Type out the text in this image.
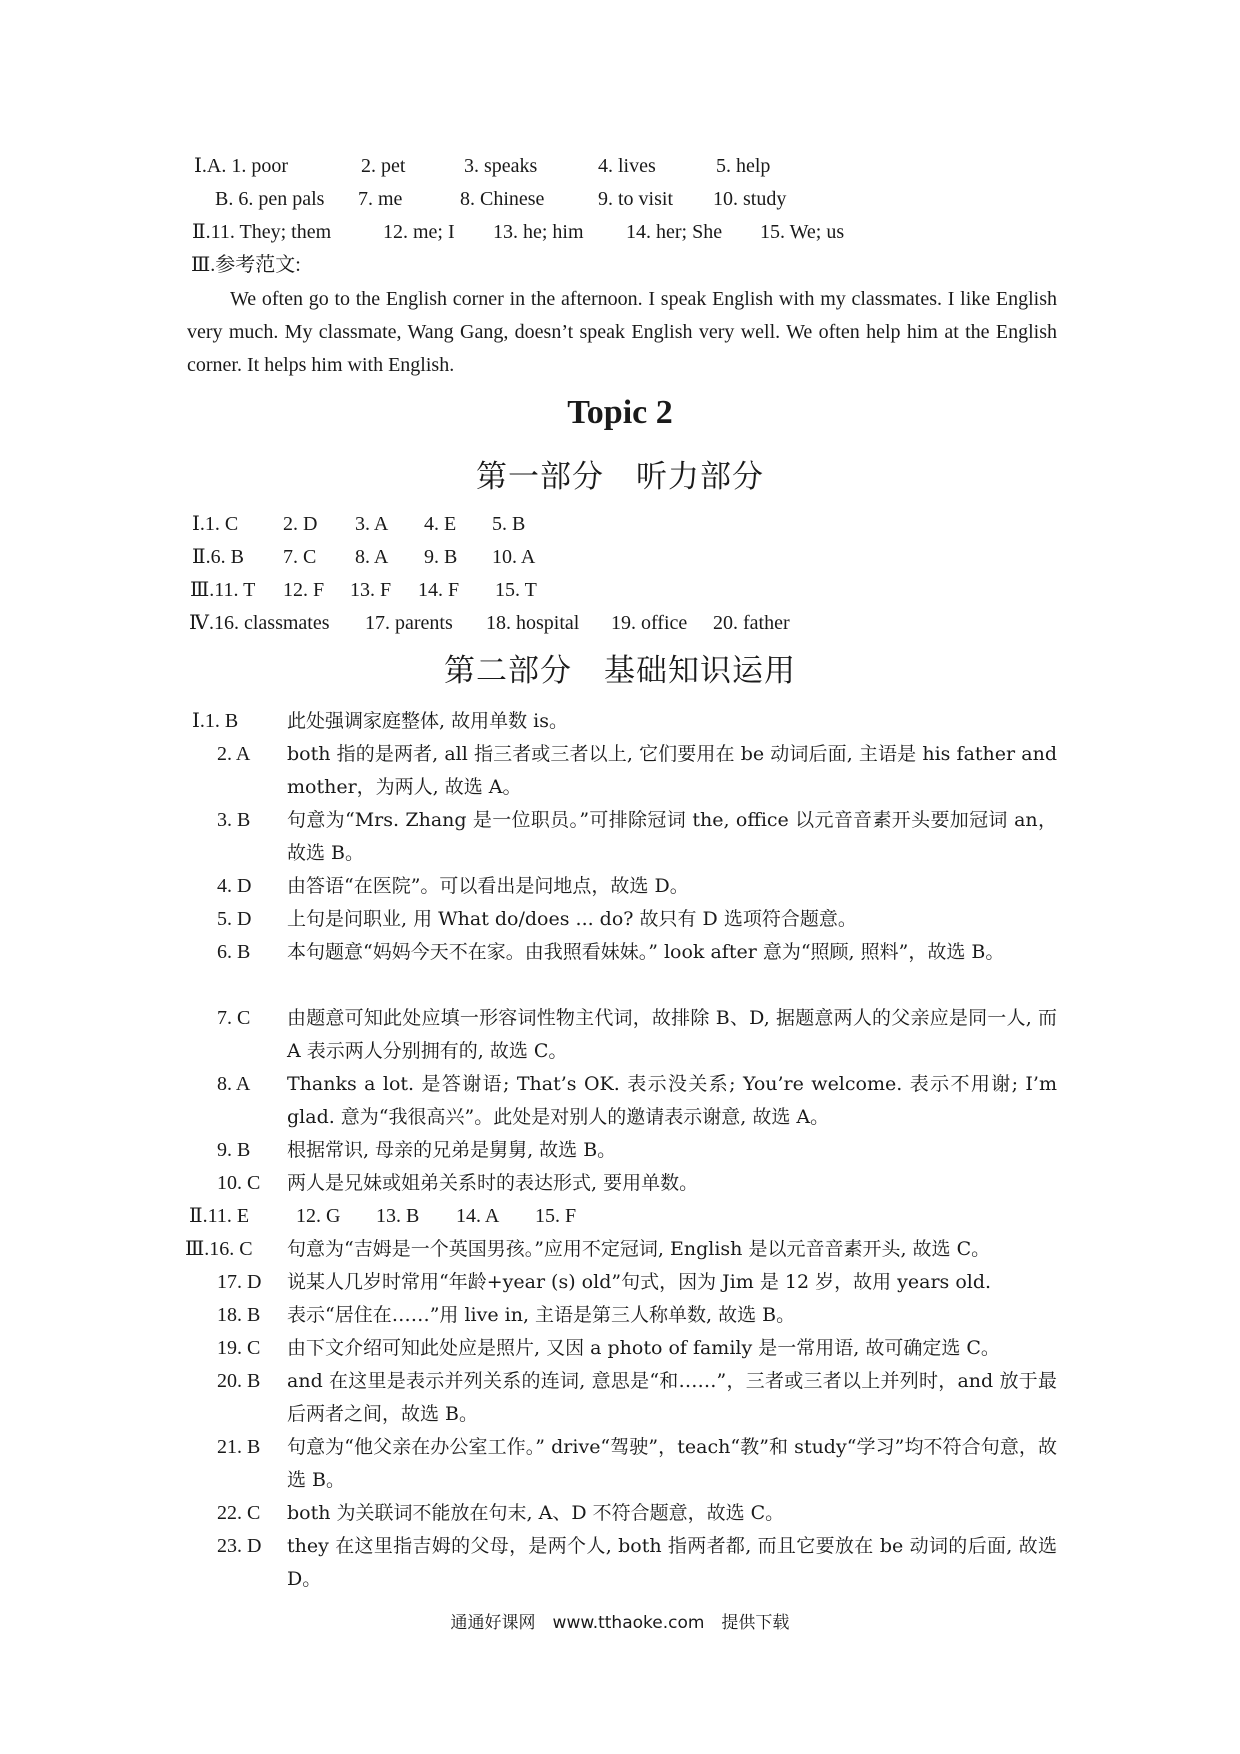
Ⅰ.A. 1. poor	2. pet	3. speaks	4. lives	5. help
B. 6. pen pals 7. me	8. Chinese	9. to visit 10. study
Ⅱ.11. They; them	12. me; I 13. he; him 14. her; She 15. We; us
Ⅲ.参考范文:

We often go to the English corner in the afternoon. I speak English with my classmates. I like English very much. My classmate, Wang Gang, doesn’t speak English very well. We often help him at the English corner. It helps him with English.

Topic 2
第一部分　听力部分
Ⅰ.1. C 2. D 3. A 4. E 5. B
Ⅱ.6. B 7. C 8. A 9. B 10. A
Ⅲ.11. T 12. F 13. F 14. F 15. T
Ⅳ.16. classmates 17. parents 18. hospital 19. office 20. father
第二部分　基础知识运用
Ⅰ.1. B	此处强调家庭整体, 故用单数 is。
2. A both 指的是两者, all 指三者或三者以上, 它们要用在 be 动词后面, 主语是 his father and mother，为两人, 故选 A。
3. B 句意为“Mrs. Zhang 是一位职员。”可排除冠词 the, office 以元音音素开头要加冠词 an，故选 B。
4. D 由答语“在医院”。可以看出是问地点，故选 D。
5. D 上句是问职业, 用 What do/does ... do? 故只有 D 选项符合题意。
6. B 本句题意“妈妈今天不在家。由我照看妹妹。” look after 意为“照顾, 照料”，故选 B。
7. C 由题意可知此处应填一形容词性物主代词，故排除 B、D, 据题意两人的父亲应是同一人, 而 A 表示两人分别拥有的, 故选 C。
8. A Thanks a lot. 是答谢语; That’s OK. 表示没关系; You’re welcome. 表示不用谢; I’m glad. 意为“我很高兴”。此处是对别人的邀请表示谢意, 故选 A。
9. B 根据常识, 母亲的兄弟是舅舅, 故选 B。
10. C 两人是兄妹或姐弟关系时的表达形式, 要用单数。
Ⅱ.11. E 12. G 13. B 14. A 15. F
Ⅲ.16. C 句意为“吉姆是一个英国男孩。”应用不定冠词, English 是以元音音素开头, 故选 C。
17. D 说某人几岁时常用“年龄+year (s) old”句式，因为 Jim 是 12 岁，故用 years old.
18. B 表示“居住在……”用 live in, 主语是第三人称单数, 故选 B。
19. C 由下文介绍可知此处应是照片, 又因 a photo of family 是一常用语, 故可确定选 C。
20. B and 在这里是表示并列关系的连词, 意思是“和……”，三者或三者以上并列时，and 放于最后两者之间，故选 B。
21. B 句意为“他父亲在办公室工作。” drive“驾驶”，teach“教”和 study“学习”均不符合句意，故选 B。
22. C both 为关联词不能放在句末, A、D 不符合题意，故选 C。
23. D they 在这里指吉姆的父母，是两个人, both 指两者都, 而且它要放在 be 动词的后面, 故选 D。
通通好课网　www.tthaoke.com　提供下载
